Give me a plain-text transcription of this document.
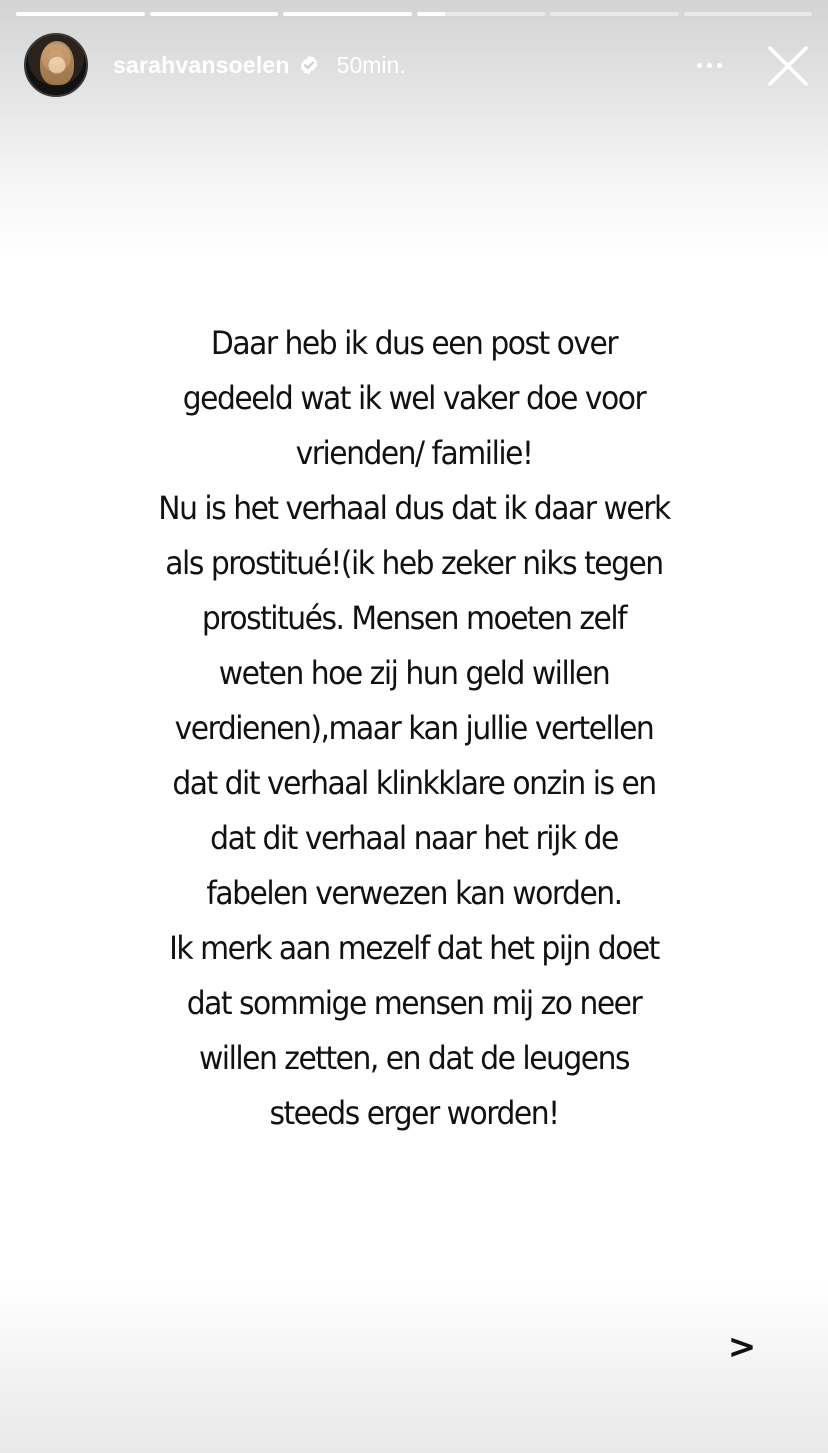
sarahvansoelen 50min.
Daar heb ik dus een post over
gedeeld wat ik wel vaker doe voor
vrienden/ familie!
Nu is het verhaal dus dat ik daar werk
als prostitué!(ik heb zeker niks tegen
prostitués. Mensen moeten zelf
weten hoe zij hun geld willen
verdienen),maar kan jullie vertellen
dat dit verhaal klinkklare onzin is en
dat dit verhaal naar het rijk de
fabelen verwezen kan worden.
Ik merk aan mezelf dat het pijn doet
dat sommige mensen mij zo neer
willen zetten, en dat de leugens
steeds erger worden!
>
